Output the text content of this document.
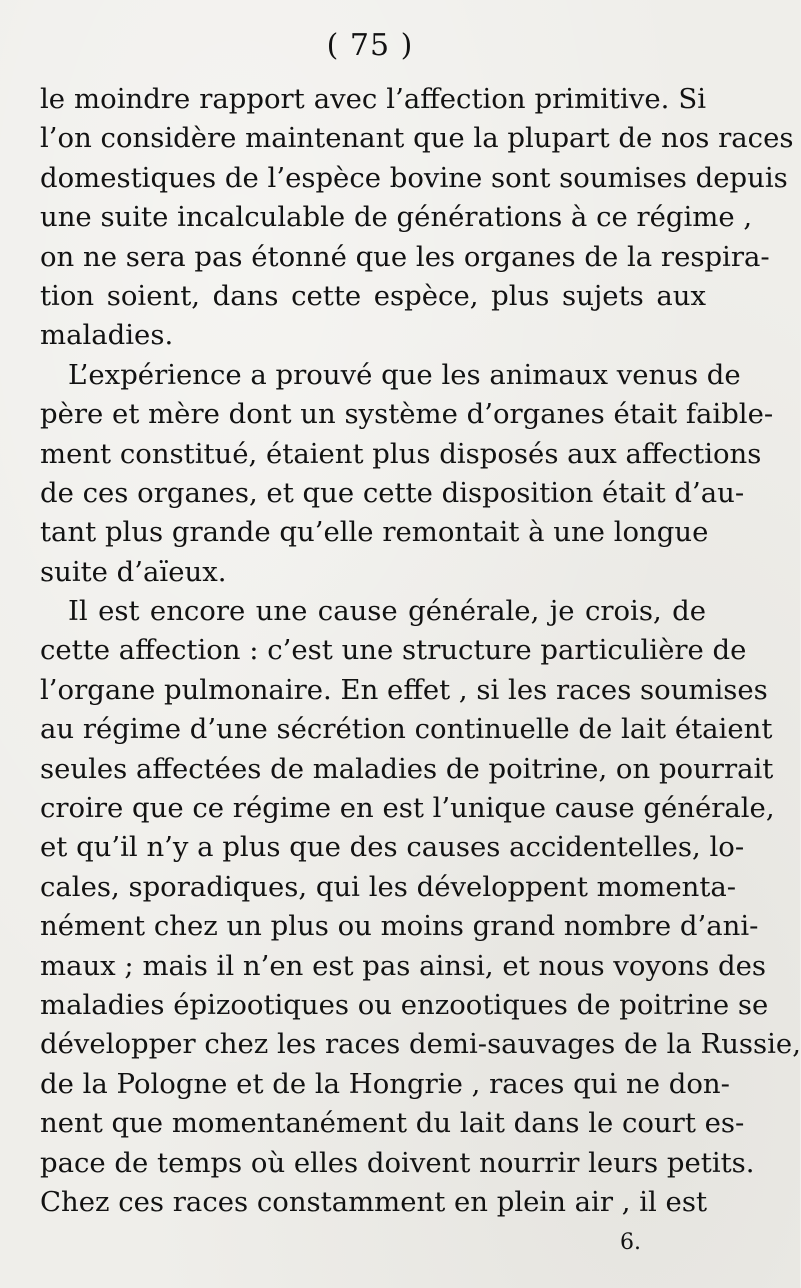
( 75 )
le moindre rapport avec l’affection primitive. Si
l’on considère maintenant que la plupart de nos races
domestiques de l’espèce bovine sont soumises depuis
une suite incalculable de générations à ce régime ,
on ne sera pas étonné que les organes de la respira-
tion soient, dans cette espèce, plus sujets aux
maladies.
L’expérience a prouvé que les animaux venus de
père et mère dont un système d’organes était faible-
ment constitué, étaient plus disposés aux affections
de ces organes, et que cette disposition était d’au-
tant plus grande qu’elle remontait à une longue
suite d’aïeux.
Il est encore une cause générale, je crois, de
cette affection : c’est une structure particulière de
l’organe pulmonaire. En effet , si les races soumises
au régime d’une sécrétion continuelle de lait étaient
seules affectées de maladies de poitrine, on pourrait
croire que ce régime en est l’unique cause générale,
et qu’il n’y a plus que des causes accidentelles, lo-
cales, sporadiques, qui les développent momenta-
nément chez un plus ou moins grand nombre d’ani-
maux ; mais il n’en est pas ainsi, et nous voyons des
maladies épizootiques ou enzootiques de poitrine se
développer chez les races demi-sauvages de la Russie,
de la Pologne et de la Hongrie , races qui ne don-
nent que momentanément du lait dans le court es-
pace de temps où elles doivent nourrir leurs petits.
Chez ces races constamment en plein air , il est
6.
